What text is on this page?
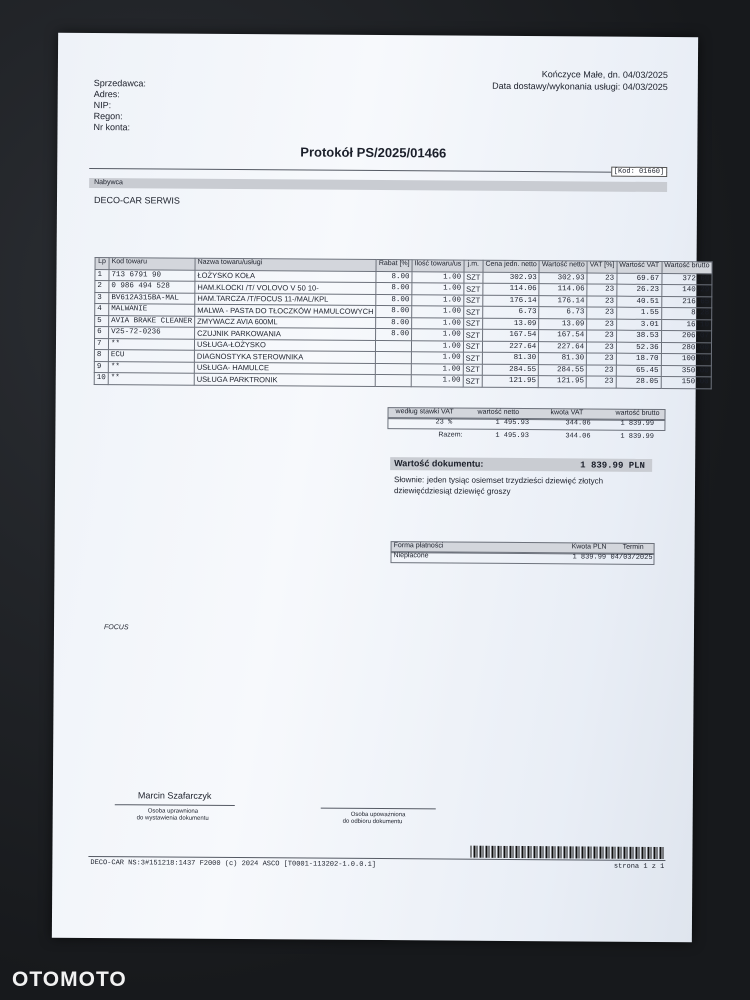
Sprzedawca:
Adres:
NIP:
Regon:
Nr konta:
Kończyce Małe, dn. 04/03/2025
Data dostawy/wykonania usługi: 04/03/2025
Protokół PS/2025/01466
[Kod: 01660]
Nabywca
DECO-CAR SERWIS
Lp	Kod towaru	Nazwa towaru/usługi	Rabat [%]	Ilość towaru/us	j.m.	Cena jedn. netto	Wartość netto	VAT [%]	Wartość VAT	Wartość brutto
1	713 6791 90	ŁOŻYSKO KOŁA	8.00	1.00	SZT	302.93	302.93	23	69.67	372.60
2	0 986 494 528	HAM.KLOCKI /T/ VOLOVO V 50 10-	8.00	1.00	SZT	114.06	114.06	23	26.23	140.29
3	BV612A315BA-MAL	HAM.TARCZA /T/FOCUS 11-/MAL/KPL	8.00	1.00	SZT	176.14	176.14	23	40.51	216.65
4	MALWANIE	MALWA - PASTA DO TŁOCZKÓW HAMULCOWYCH	8.00	1.00	SZT	6.73	6.73	23	1.55	8.28
5	AVIA BRAKE CLEANER	ZMYWACZ AVIA 600ML	8.00	1.00	SZT	13.09	13.09	23	3.01	16.10
6	V25-72-0236	CZUJNIK PARKOWANIA	8.00	1.00	SZT	167.54	167.54	23	38.53	206.07
7	**	USŁUGA-ŁOŻYSKO		1.00	SZT	227.64	227.64	23	52.36	280.00
8	ECU	DIAGNOSTYKA STEROWNIKA		1.00	SZT	81.30	81.30	23	18.70	100.00
9	**	USŁUGA- HAMULCE		1.00	SZT	284.55	284.55	23	65.45	350.00
10	**	USŁUGA PARKTRONIK		1.00	SZT	121.95	121.95	23	28.05	150.00
według stawki VAT	wartość netto	kwota VAT	wartość brutto
23 %	1 495.93	344.06	1 839.99
Razem:	1 495.93	344.06	1 839.99
Wartość dokumentu:	1 839.99 PLN
Słownie: jeden tysiąc osiemset trzydzieści dziewięć złotych
dziewięćdziesiąt dziewięć groszy
Forma płatności	Kwota PLN Termin
Niepłacone	1 839.99 04/03/2025
FOCUS
Marcin Szafarczyk
Osoba uprawniona
do wystawienia dokumentu
Osoba upoważniona
do odbioru dokumentu
DECO-CAR NS:3#151218:1437 F2000 (c) 2024 ASCO [T0001-113202-1.0.0.1]	strona 1 z 1
OTOMOTO
